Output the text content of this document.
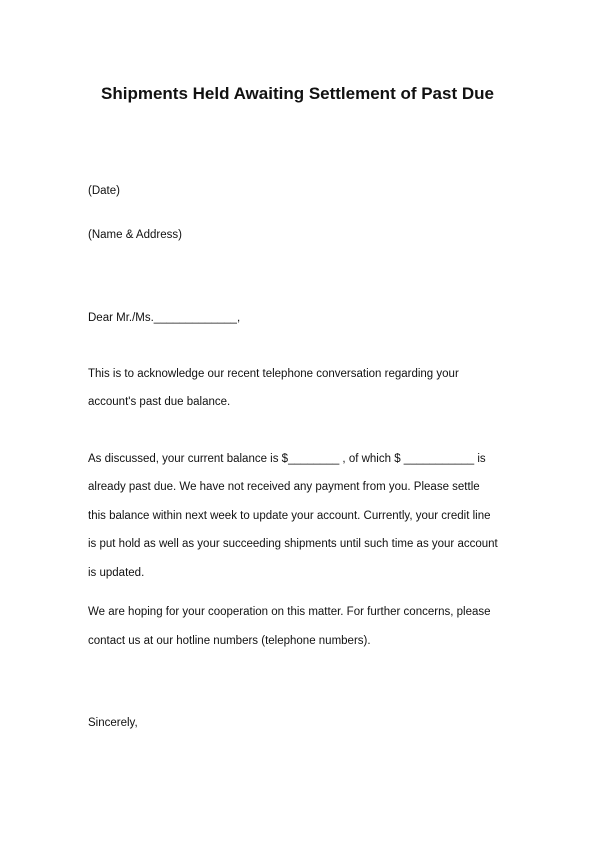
Shipments Held Awaiting Settlement of Past Due
(Date)
(Name & Address)
Dear Mr./Ms._____________,
This is to acknowledge our recent telephone conversation regarding your
account's past due balance.
As discussed, your current balance is $________ , of which $ ___________ is
already past due. We have not received any payment from you. Please settle
this balance within next week to update your account. Currently, your credit line
is put hold as well as your succeeding shipments until such time as your account
is updated.
We are hoping for your cooperation on this matter. For further concerns, please
contact us at our hotline numbers (telephone numbers).
Sincerely,
